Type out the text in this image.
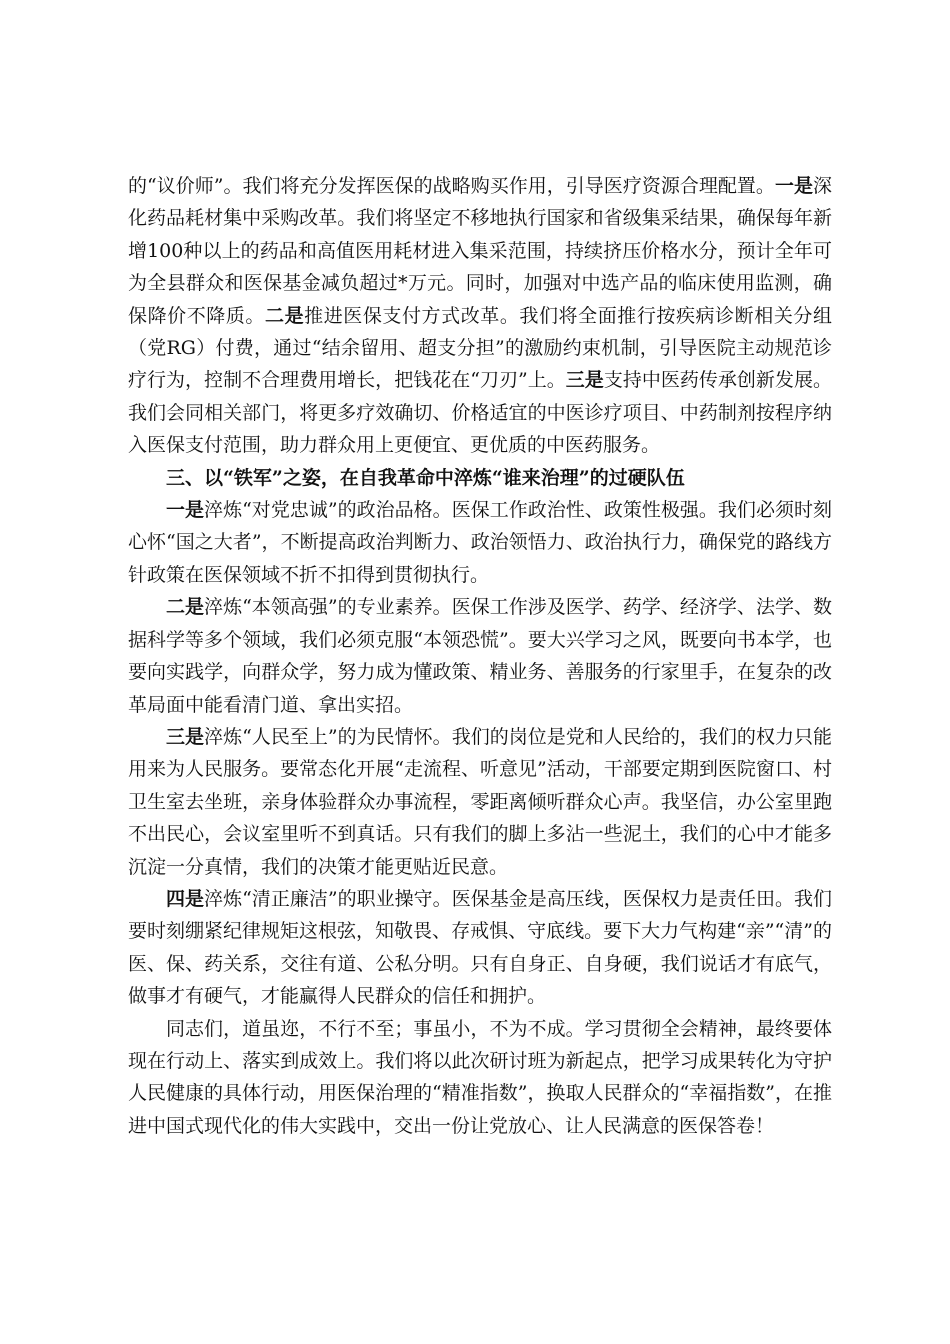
的“议价师”。我们将充分发挥医保的战略购买作用，引导医疗资源合理配置。一是深化药品耗材集中采购改革。我们将坚定不移地执行国家和省级集采结果，确保每年新增100种以上的药品和高值医用耗材进入集采范围，持续挤压价格水分，预计全年可为全县群众和医保基金减负超过*万元。同时，加强对中选产品的临床使用监测，确保降价不降质。二是推进医保支付方式改革。我们将全面推行按疾病诊断相关分组（党RG）付费，通过“结余留用、超支分担”的激励约束机制，引导医院主动规范诊疗行为，控制不合理费用增长，把钱花在“刀刃”上。三是支持中医药传承创新发展。我们会同相关部门，将更多疗效确切、价格适宜的中医诊疗项目、中药制剂按程序纳入医保支付范围，助力群众用上更便宜、更优质的中医药服务。

三、以“铁军”之姿，在自我革命中淬炼“谁来治理”的过硬队伍

一是淬炼“对党忠诚”的政治品格。医保工作政治性、政策性极强。我们必须时刻心怀“国之大者”，不断提高政治判断力、政治领悟力、政治执行力，确保党的路线方针政策在医保领域不折不扣得到贯彻执行。

二是淬炼“本领高强”的专业素养。医保工作涉及医学、药学、经济学、法学、数据科学等多个领域，我们必须克服“本领恐慌”。要大兴学习之风，既要向书本学，也要向实践学，向群众学，努力成为懂政策、精业务、善服务的行家里手，在复杂的改革局面中能看清门道、拿出实招。

三是淬炼“人民至上”的为民情怀。我们的岗位是党和人民给的，我们的权力只能用来为人民服务。要常态化开展“走流程、听意见”活动，干部要定期到医院窗口、村卫生室去坐班，亲身体验群众办事流程，零距离倾听群众心声。我坚信，办公室里跑不出民心，会议室里听不到真话。只有我们的脚上多沾一些泥土，我们的心中才能多沉淀一分真情，我们的决策才能更贴近民意。

四是淬炼“清正廉洁”的职业操守。医保基金是高压线，医保权力是责任田。我们要时刻绷紧纪律规矩这根弦，知敬畏、存戒惧、守底线。要下大力气构建“亲”“清”的医、保、药关系，交往有道、公私分明。只有自身正、自身硬，我们说话才有底气，做事才有硬气，才能赢得人民群众的信任和拥护。

同志们，道虽迩，不行不至；事虽小，不为不成。学习贯彻全会精神，最终要体现在行动上、落实到成效上。我们将以此次研讨班为新起点，把学习成果转化为守护人民健康的具体行动，用医保治理的“精准指数”，换取人民群众的“幸福指数”，在推进中国式现代化的伟大实践中，交出一份让党放心、让人民满意的医保答卷！
